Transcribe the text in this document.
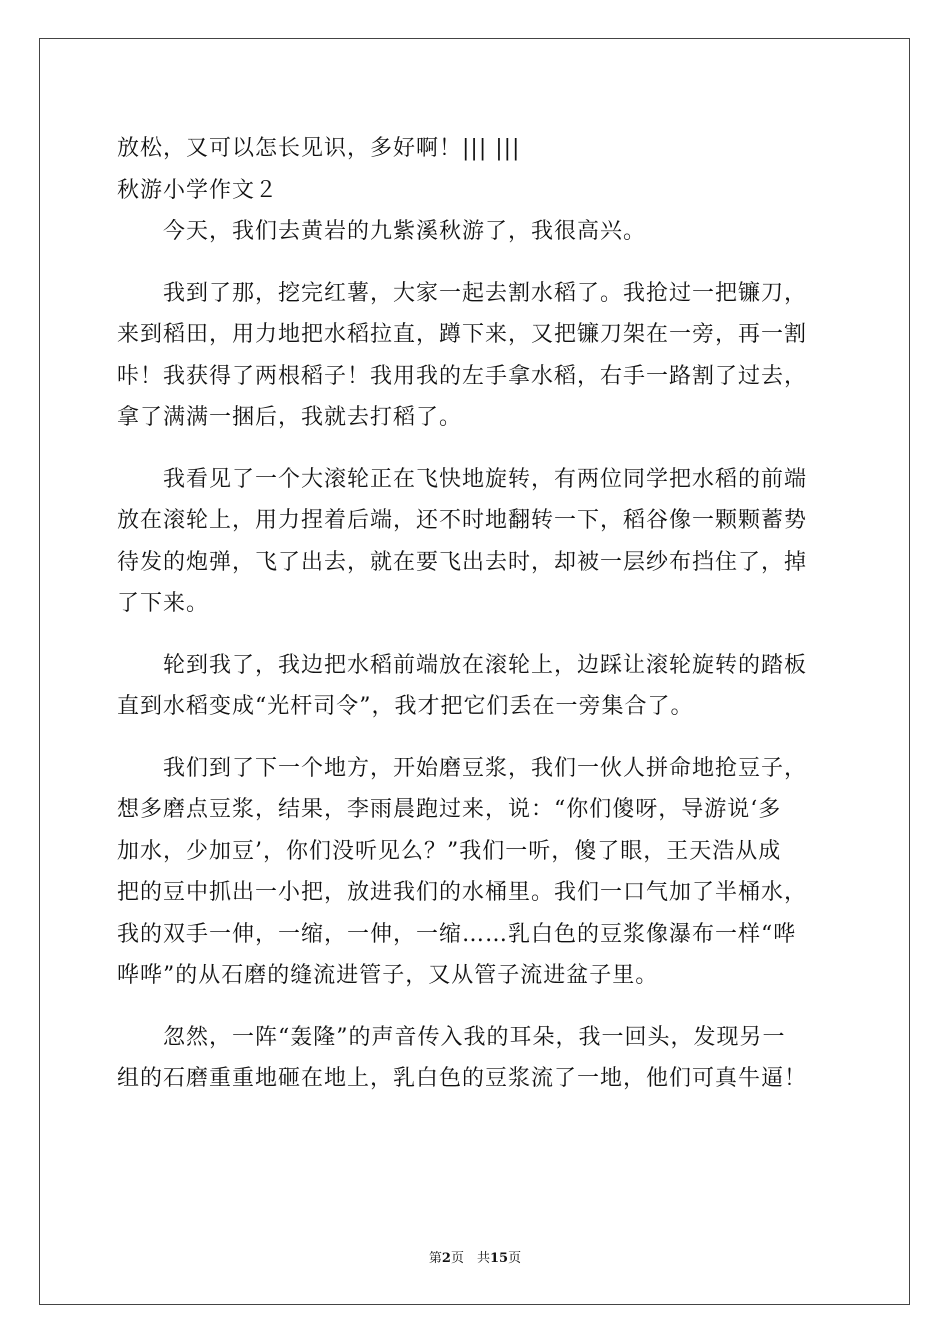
放松，又可以怎长见识，多好啊！||| |||
秋游小学作文２
　　今天，我们去黄岩的九紫溪秋游了，我很高兴。
　　我到了那，挖完红薯，大家一起去割水稻了。我抢过一把镰刀，
来到稻田，用力地把水稻拉直，蹲下来，又把镰刀架在一旁，再一割
咔！我获得了两根稻子！我用我的左手拿水稻，右手一路割了过去，
拿了满满一捆后，我就去打稻了。
　　我看见了一个大滚轮正在飞快地旋转，有两位同学把水稻的前端
放在滚轮上，用力捏着后端，还不时地翻转一下，稻谷像一颗颗蓄势
待发的炮弹，飞了出去，就在要飞出去时，却被一层纱布挡住了，掉
了下来。
　　轮到我了，我边把水稻前端放在滚轮上，边踩让滚轮旋转的踏板
直到水稻变成“光杆司令”，我才把它们丢在一旁集合了。
　　我们到了下一个地方，开始磨豆浆，我们一伙人拼命地抢豆子，
想多磨点豆浆，结果，李雨晨跑过来，说：“你们傻呀，导游说‘多
加水，少加豆’，你们没听见么？”我们一听，傻了眼，王天浩从成
把的豆中抓出一小把，放进我们的水桶里。我们一口气加了半桶水，
我的双手一伸，一缩，一伸，一缩……乳白色的豆浆像瀑布一样“哗
哗哗”的从石磨的缝流进管子，又从管子流进盆子里。
　　忽然，一阵“轰隆”的声音传入我的耳朵，我一回头，发现另一
组的石磨重重地砸在地上，乳白色的豆浆流了一地，他们可真牛逼！
第2页　共15页
